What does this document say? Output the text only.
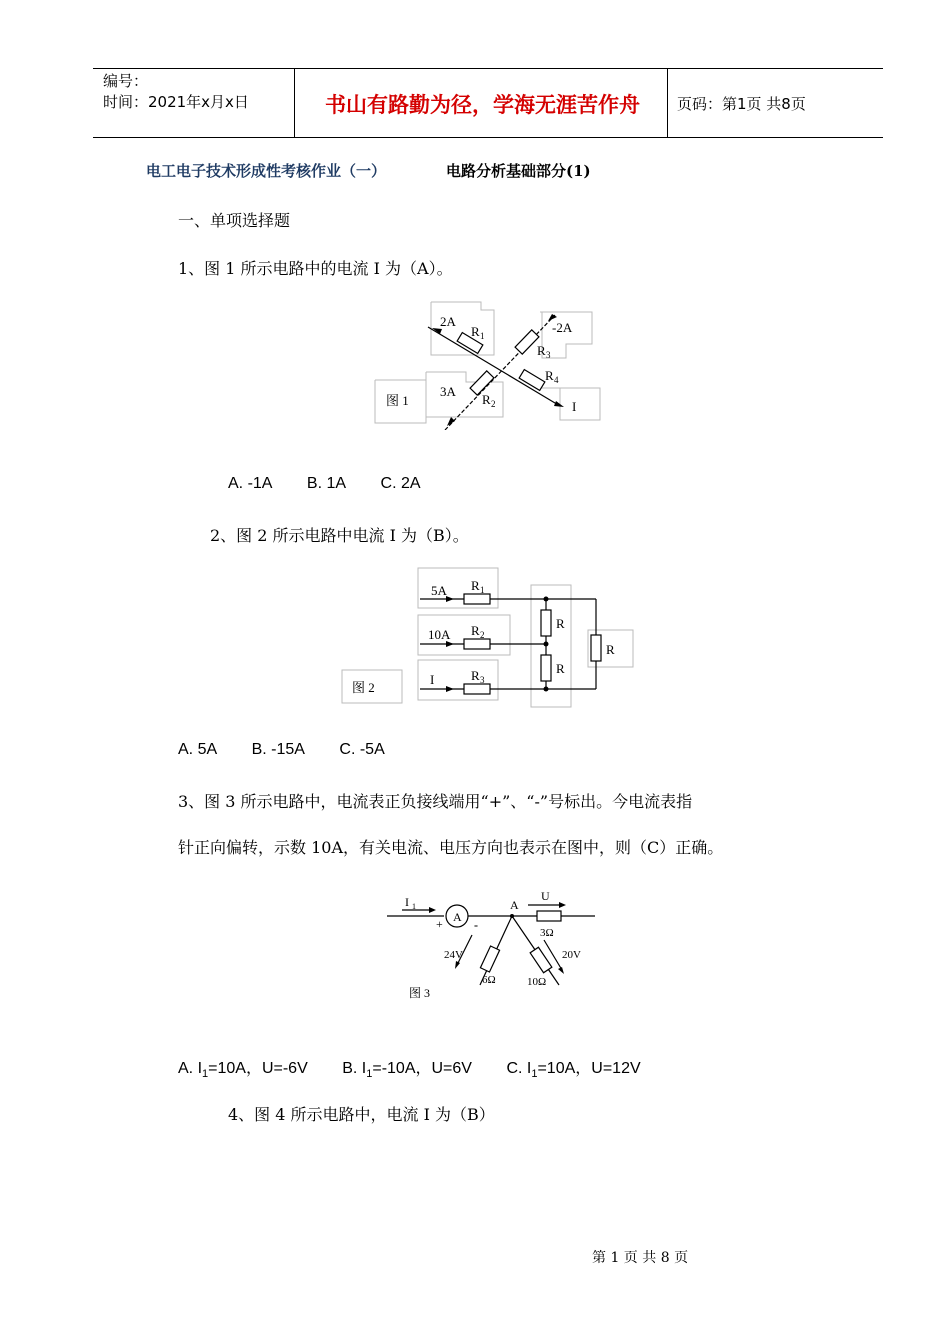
编号：
时间：2021年x月x日	书山有路勤为径，学海无涯苦作舟	页码：第1页 共8页
电工电子技术形成性考核作业（一）	电路分析基础部分(1)
一、单项选择题
1、图 1 所示电路中的电流 I 为（A）。
2A
R 1
-2A
R 3
R 4
3A
R 2	I
图 1
A. -1A B. 1A C. 2A
2、图 2 所示电路中电流 I 为（B）。
5A R 1
10A R 2
I	R 3
R
R
R
图 2
A. 5A B. -15A C. -5A
3、图 3 所示电路中，电流表正负接线端用“+”、“-”号标出。今电流表指
针正向偏转，示数 10A，有关电流、电压方向也表示在图中，则（C）正确。
I 1
A
+	-
A
U
3Ω
24V
6Ω
20V
10Ω
图 3
A. $I_1=10A$，U=-6V B. $I_1=-10A$，U=6V C. $I_1=10A$，U=12V
4、图 4 所示电路中，电流 I 为（B）
第 1 页 共 8 页
